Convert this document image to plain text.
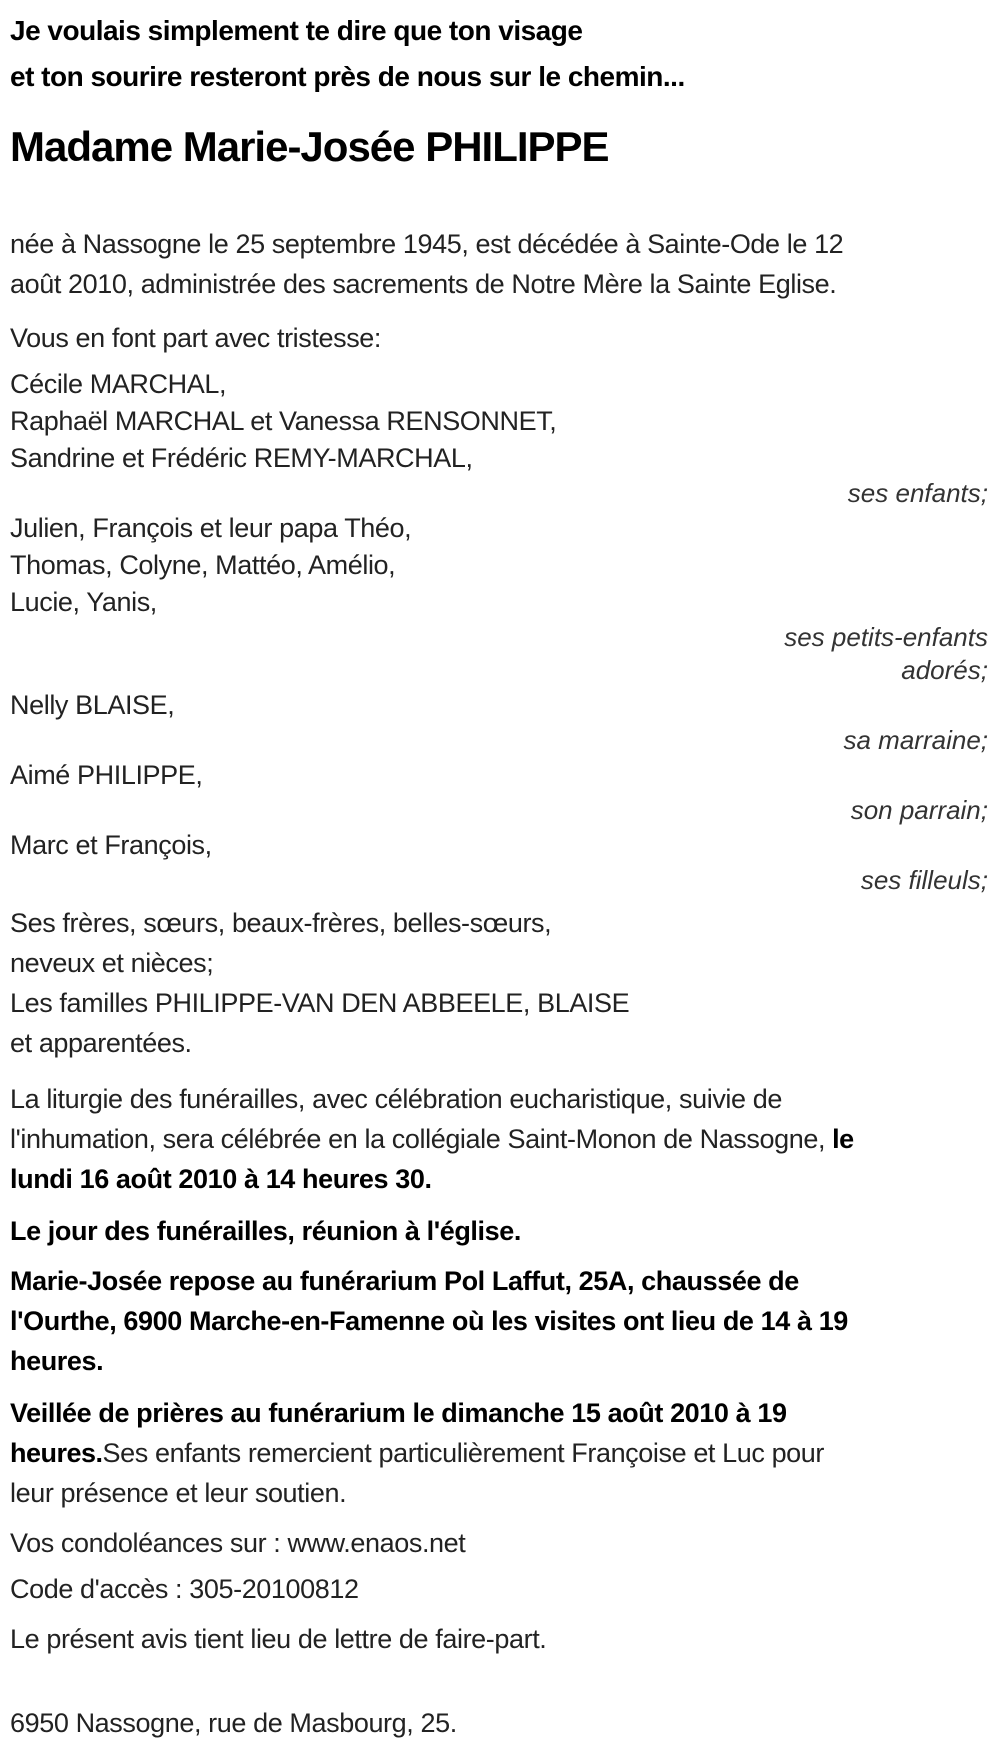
Je voulais simplement te dire que ton visage
et ton sourire resteront près de nous sur le chemin...
Madame Marie-Josée PHILIPPE
née à Nassogne le 25 septembre 1945, est décédée à Sainte-Ode le 12
août 2010, administrée des sacrements de Notre Mère la Sainte Eglise.
Vous en font part avec tristesse:
Cécile MARCHAL,
Raphaël MARCHAL et Vanessa RENSONNET,
Sandrine et Frédéric REMY-MARCHAL,
ses enfants;
Julien, François et leur papa Théo,
Thomas, Colyne, Mattéo, Amélio,
Lucie, Yanis,
ses petits-enfants
adorés;
Nelly BLAISE,
sa marraine;
Aimé PHILIPPE,
son parrain;
Marc et François,
ses filleuls;
Ses frères, sœurs, beaux-frères, belles-sœurs,
neveux et nièces;
Les familles PHILIPPE-VAN DEN ABBEELE, BLAISE
et apparentées.
La liturgie des funérailles, avec célébration eucharistique, suivie de
l'inhumation, sera célébrée en la collégiale Saint-Monon de Nassogne, le
lundi 16 août 2010 à 14 heures 30.
Le jour des funérailles, réunion à l'église.
Marie-Josée repose au funérarium Pol Laffut, 25A, chaussée de
l'Ourthe, 6900 Marche-en-Famenne où les visites ont lieu de 14 à 19
heures.
Veillée de prières au funérarium le dimanche 15 août 2010 à 19
heures.Ses enfants remercient particulièrement Françoise et Luc pour
leur présence et leur soutien.
Vos condoléances sur : www.enaos.net
Code d'accès : 305-20100812
Le présent avis tient lieu de lettre de faire-part.
6950 Nassogne, rue de Masbourg, 25.
